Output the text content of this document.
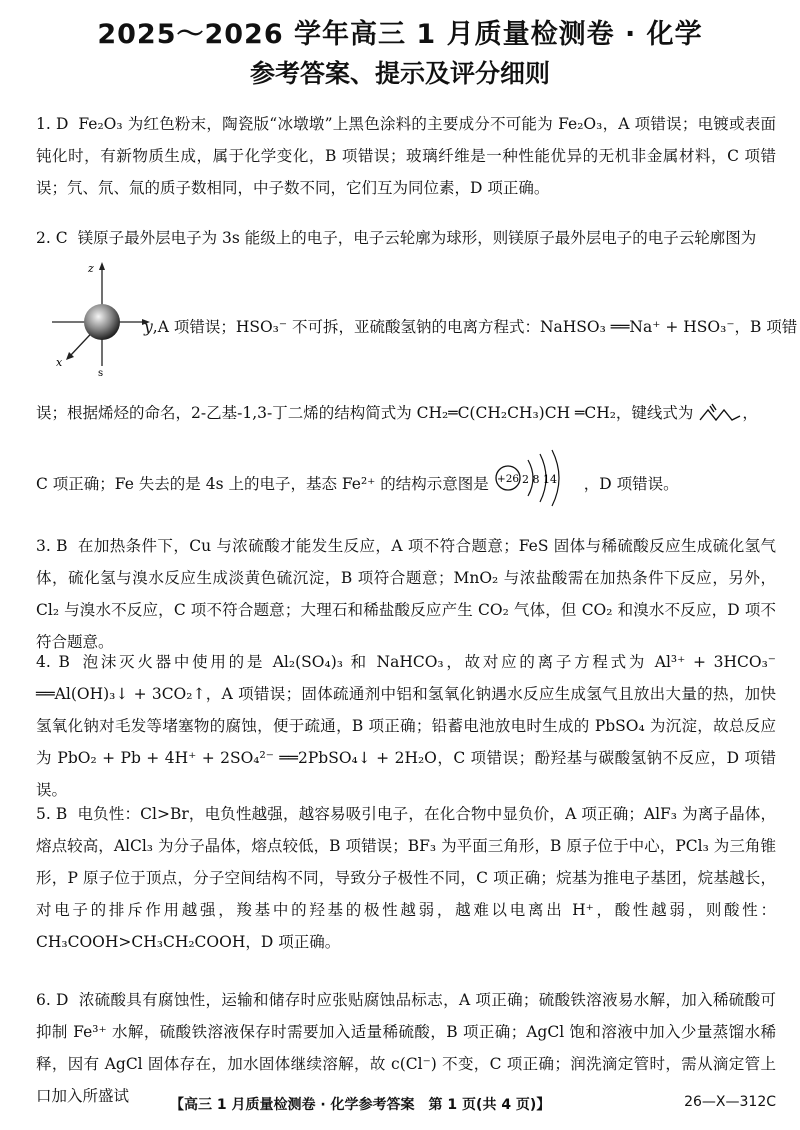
2025～2026 学年高三 1 月质量检测卷 · 化学
参考答案、提示及评分细则

1. D Fe₂O₃ 为红色粉末，陶瓷版“冰墩墩”上黑色涂料的主要成分不可能为 Fe₂O₃，A 项错误；电镀或表面钝化时，有新物质生成，属于化学变化，B 项错误；玻璃纤维是一种性能优异的无机非金属材料，C 项错误；氕、氘、氚的质子数相同，中子数不同，它们互为同位素，D 项正确。

2. C 镁原子最外层电子为 3s 能级上的电子，电子云轮廓为球形，则镁原子最外层电子的电子云轮廓图为

z
x
s
y,A 项错误；HSO₃⁻ 不可拆，亚硫酸氢钠的电离方程式：NaHSO₃ ══Na⁺ + HSO₃⁻，B 项错
误；根据烯烃的命名，2-乙基-1,3-丁二烯的结构简式为 CH₂═C(CH₂CH₃)CH ═CH₂，键线式为	，
C 项正确；Fe 失去的是 4s 上的电子，基态 Fe²⁺ 的结构示意图是 +26 2 8 14 ，D 项错误。

3. B 在加热条件下，Cu 与浓硫酸才能发生反应，A 项不符合题意；FeS 固体与稀硫酸反应生成硫化氢气体，硫化氢与溴水反应生成淡黄色硫沉淀，B 项符合题意；MnO₂ 与浓盐酸需在加热条件下反应，另外，Cl₂ 与溴水不反应，C 项不符合题意；大理石和稀盐酸反应产生 CO₂ 气体，但 CO₂ 和溴水不反应，D 项不符合题意。

4. B 泡沫灭火器中使用的是 Al₂(SO₄)₃ 和 NaHCO₃，故对应的离子方程式为 Al³⁺ + 3HCO₃⁻ ══Al(OH)₃↓ + 3CO₂↑，A 项错误；固体疏通剂中铝和氢氧化钠遇水反应生成氢气且放出大量的热，加快氢氧化钠对毛发等堵塞物的腐蚀，便于疏通，B 项正确；铅蓄电池放电时生成的 PbSO₄ 为沉淀，故总反应为 PbO₂ + Pb + 4H⁺ + 2SO₄²⁻ ══2PbSO₄↓ + 2H₂O，C 项错误；酚羟基与碳酸氢钠不反应，D 项错误。

5. B 电负性：Cl>Br，电负性越强，越容易吸引电子，在化合物中显负价，A 项正确；AlF₃ 为离子晶体，熔点较高，AlCl₃ 为分子晶体，熔点较低，B 项错误；BF₃ 为平面三角形，B 原子位于中心，PCl₃ 为三角锥形，P 原子位于顶点，分子空间结构不同，导致分子极性不同，C 项正确；烷基为推电子基团，烷基越长，对电子的排斥作用越强，羧基中的羟基的极性越弱，越难以电离出 H⁺，酸性越弱，则酸性：CH₃COOH>CH₃CH₂COOH，D 项正确。

6. D 浓硫酸具有腐蚀性，运输和储存时应张贴腐蚀品标志，A 项正确；硫酸铁溶液易水解，加入稀硫酸可抑制 Fe³⁺ 水解，硫酸铁溶液保存时需要加入适量稀硫酸，B 项正确；AgCl 饱和溶液中加入少量蒸馏水稀释，因有 AgCl 固体存在，加水固体继续溶解，故 c(Cl⁻) 不变，C 项正确；润洗滴定管时，需从滴定管上口加入所盛试	【高三 1 月质量检测卷 · 化学参考答案　第 1 页(共 4 页)】	26—X—312C
